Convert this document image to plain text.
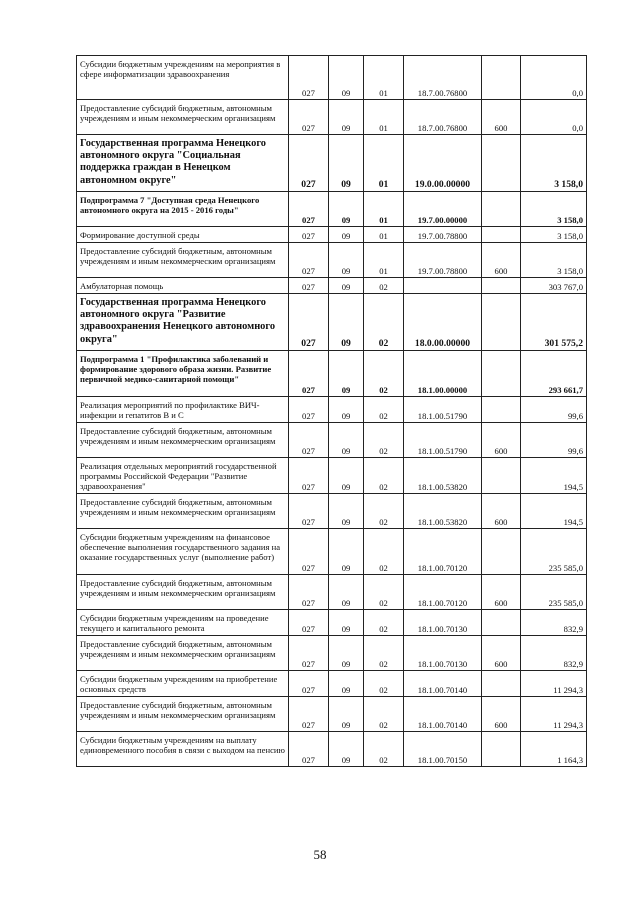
Субсидии бюджетным учреждениям на мероприятия в сфере информатизации здравоохранения	027	09	01	18.7.00.76800		0,0
Предоставление субсидий бюджетным, автономным учреждениям и иным некоммерческим организациям	027	09	01	18.7.00.76800	600	0,0
Государственная программа Ненецкого автономного округа "Социальная поддержка граждан в Ненецком автономном округе"	027	09	01	19.0.00.00000		3 158,0
Подпрограмма 7 "Доступная среда Ненецкого автономного округа на 2015 - 2016 годы"	027	09	01	19.7.00.00000		3 158,0
Формирование доступной среды	027	09	01	19.7.00.78800		3 158,0
Предоставление субсидий бюджетным, автономным учреждениям и иным некоммерческим организациям	027	09	01	19.7.00.78800	600	3 158,0
Амбулаторная помощь	027	09	02			303 767,0
Государственная программа Ненецкого автономного округа "Развитие здравоохранения Ненецкого автономного округа"	027	09	02	18.0.00.00000		301 575,2
Подпрограмма 1 "Профилактика заболеваний и формирование здорового образа жизни. Развитие первичной медико-санитарной помощи"	027	09	02	18.1.00.00000		293 661,7
Реализация мероприятий по профилактике ВИЧ-инфекции и гепатитов B и C	027	09	02	18.1.00.51790		99,6
Предоставление субсидий бюджетным, автономным учреждениям и иным некоммерческим организациям	027	09	02	18.1.00.51790	600	99,6
Реализация отдельных мероприятий государственной программы Российской Федерации "Развитие здравоохранения"	027	09	02	18.1.00.53820		194,5
Предоставление субсидий бюджетным, автономным учреждениям и иным некоммерческим организациям	027	09	02	18.1.00.53820	600	194,5
Субсидии бюджетным учреждениям на финансовое обеспечение выполнения государственного задания на оказание государственных услуг (выполнение работ)	027	09	02	18.1.00.70120		235 585,0
Предоставление субсидий бюджетным, автономным учреждениям и иным некоммерческим организациям	027	09	02	18.1.00.70120	600	235 585,0
Субсидии бюджетным учреждениям на проведение текущего и капитального ремонта	027	09	02	18.1.00.70130		832,9
Предоставление субсидий бюджетным, автономным учреждениям и иным некоммерческим организациям	027	09	02	18.1.00.70130	600	832,9
Субсидии бюджетным учреждениям на приобретение основных средств	027	09	02	18.1.00.70140		11 294,3
Предоставление субсидий бюджетным, автономным учреждениям и иным некоммерческим организациям	027	09	02	18.1.00.70140	600	11 294,3
Субсидии бюджетным учреждениям на выплату единовременного пособия в связи с выходом на пенсию	027	09	02	18.1.00.70150		1 164,3
58
